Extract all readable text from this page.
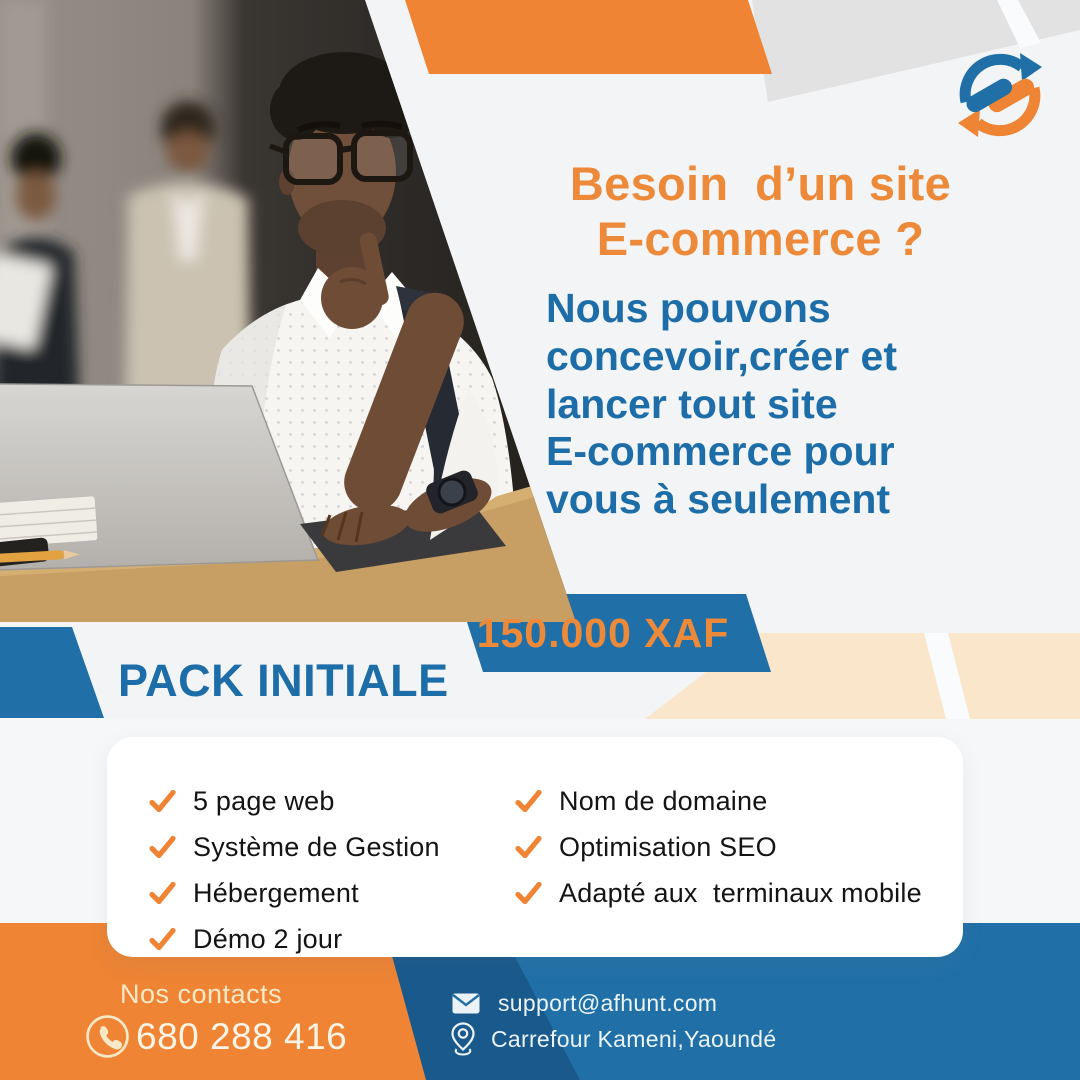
Besoin  d’un site
E-commerce ?
Nous pouvons
concevoir,créer et
lancer tout site
E-commerce pour
vous à seulement
150.000 XAF
PACK INITIALE
5 page web
Système de Gestion
Hébergement
Démo 2 jour
Nom de domaine
Optimisation SEO
Adapté aux  terminaux mobile
Nos contacts
680 288 416
support@afhunt.com
Carrefour Kameni,Yaoundé
